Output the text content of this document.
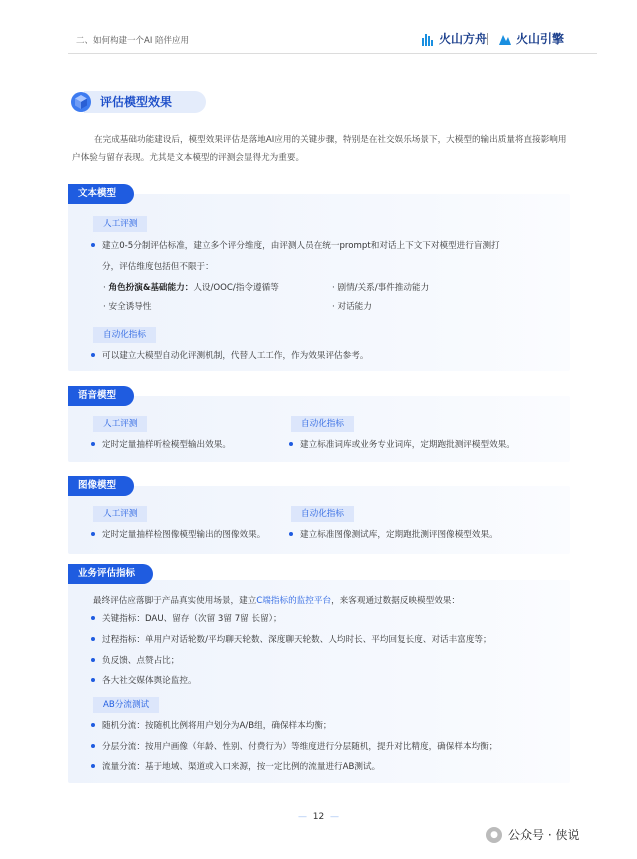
二、如何构建一个AI 陪伴应用	火山方舟 火山引擎
评估模型效果
在完成基础功能建设后，模型效果评估是落地AI应用的关键步骤，特别是在社交娱乐场景下，大模型的输出质量将直接影响用户体验与留存表现。尤其是文本模型的评测会显得尤为重要。
文本模型
人工评测
建立0-5分制评估标准，建立多个评分维度，由评测人员在统一prompt和对话上下文下对模型进行盲测打
分，评估维度包括但不限于：
· 角色扮演&基础能力：人设/OOC/指令遵循等	· 剧情/关系/事件推动能力
· 安全诱导性	· 对话能力
自动化指标
可以建立大模型自动化评测机制，代替人工工作，作为效果评估参考。
语音模型
人工评测	自动化指标
定时定量抽样听检模型输出效果。	建立标准词库或业务专业词库，定期跑批测评模型效果。
图像模型
人工评测	自动化指标
定时定量抽样检图像模型输出的图像效果。	建立标准图像测试库，定期跑批测评图像模型效果。
业务评估指标
最终评估应落脚于产品真实使用场景，建立C端指标的监控平台，来客观通过数据反映模型效果：
关键指标：DAU、留存（次留 3留 7留 长留）；
过程指标：单用户对话轮数/平均聊天轮数、深度聊天轮数、人均时长、平均回复长度、对话丰富度等；
负反馈、点赞占比；
各大社交媒体舆论监控。
AB分流测试
随机分流：按随机比例将用户划分为A/B组，确保样本均衡；
分层分流：按用户画像（年龄、性别、付费行为）等维度进行分层随机，提升对比精度，确保样本均衡；
流量分流：基于地域、渠道或入口来源，按一定比例的流量进行AB测试。
—  12  —
● 公众号 · 侠说
